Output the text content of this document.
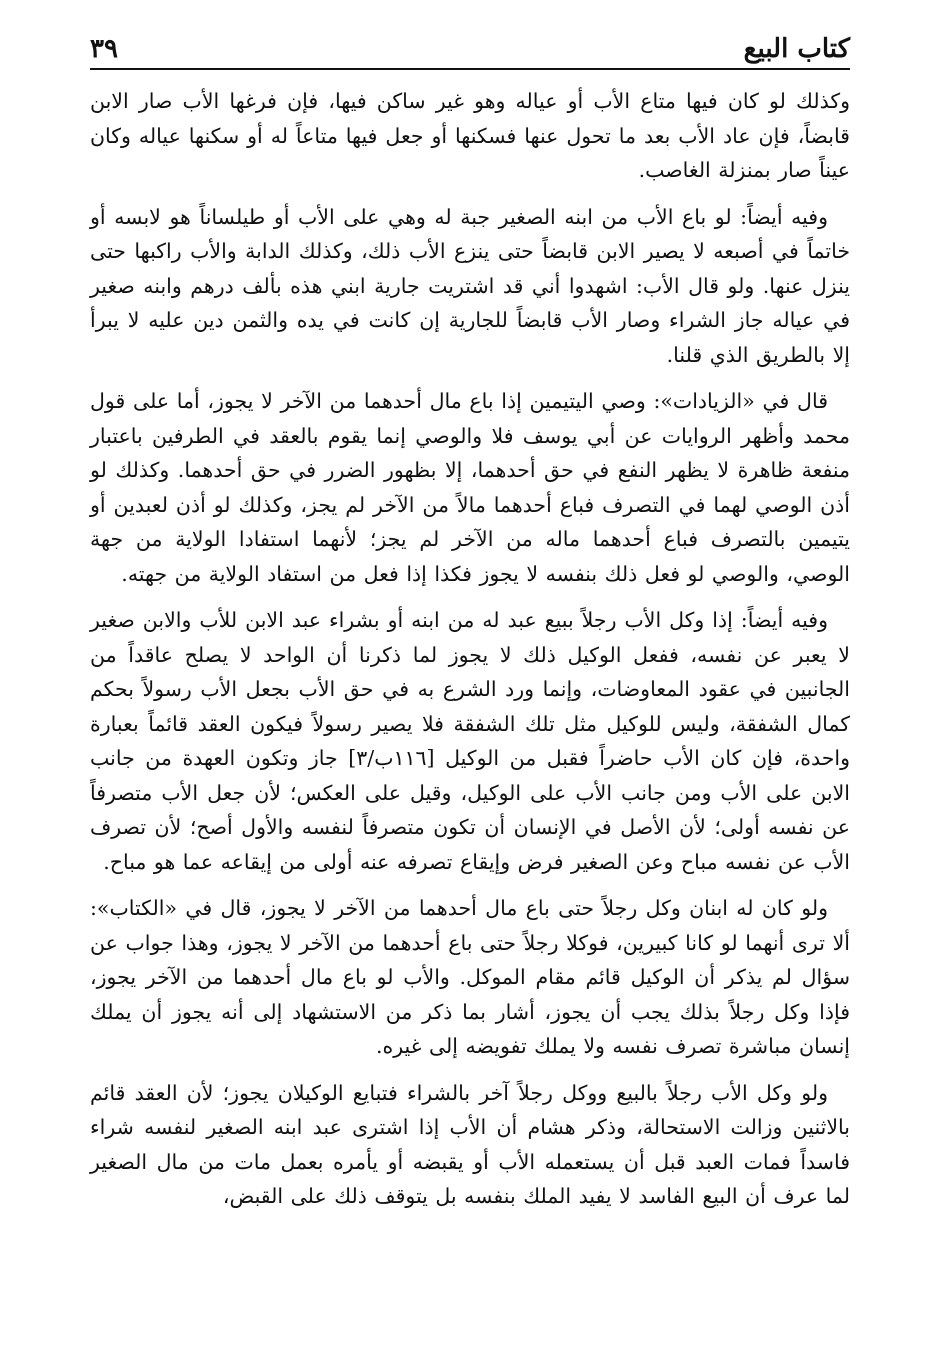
كتاب البيع
٣٩

وكذلك لو كان فيها متاع الأب أو عياله وهو غير ساكن فيها، فإن فرغها الأب صار الابن قابضاً، فإن عاد الأب بعد ما تحول عنها فسكنها أو جعل فيها متاعاً له أو سكنها عياله وكان عيناً صار بمنزلة الغاصب.

وفيه أيضاً: لو باع الأب من ابنه الصغير جبة له وهي على الأب أو طيلساناً هو لابسه أو خاتماً في أصبعه لا يصير الابن قابضاً حتى ينزع الأب ذلك، وكذلك الدابة والأب راكبها حتى ينزل عنها. ولو قال الأب: اشهدوا أني قد اشتريت جارية ابني هذه بألف درهم وابنه صغير في عياله جاز الشراء وصار الأب قابضاً للجارية إن كانت في يده والثمن دين عليه لا يبرأ إلا بالطريق الذي قلنا.

قال في «الزيادات»: وصي اليتيمين إذا باع مال أحدهما من الآخر لا يجوز، أما على قول محمد وأظهر الروايات عن أبي يوسف فلا والوصي إنما يقوم بالعقد في الطرفين باعتبار منفعة ظاهرة لا يظهر النفع في حق أحدهما، إلا بظهور الضرر في حق أحدهما. وكذلك لو أذن الوصي لهما في التصرف فباع أحدهما مالاً من الآخر لم يجز، وكذلك لو أذن لعبدين أو يتيمين بالتصرف فباع أحدهما ماله من الآخر لم يجز؛ لأنهما استفادا الولاية من جهة الوصي، والوصي لو فعل ذلك بنفسه لا يجوز فكذا إذا فعل من استفاد الولاية من جهته.

وفيه أيضاً: إذا وكل الأب رجلاً ببيع عبد له من ابنه أو بشراء عبد الابن للأب والابن صغير لا يعبر عن نفسه، ففعل الوكيل ذلك لا يجوز لما ذكرنا أن الواحد لا يصلح عاقداً من الجانبين في عقود المعاوضات، وإنما ورد الشرع به في حق الأب بجعل الأب رسولاً بحكم كمال الشفقة، وليس للوكيل مثل تلك الشفقة فلا يصير رسولاً فيكون العقد قائماً بعبارة واحدة، فإن كان الأب حاضراً فقبل من الوكيل [١١٦ب/٣] جاز وتكون العهدة من جانب الابن على الأب ومن جانب الأب على الوكيل، وقيل على العكس؛ لأن جعل الأب متصرفاً عن نفسه أولى؛ لأن الأصل في الإنسان أن تكون متصرفاً لنفسه والأول أصح؛ لأن تصرف الأب عن نفسه مباح وعن الصغير فرض وإيقاع تصرفه عنه أولى من إيقاعه عما هو مباح.

ولو كان له ابنان وكل رجلاً حتى باع مال أحدهما من الآخر لا يجوز، قال في «الكتاب»: ألا ترى أنهما لو كانا كبيرين، فوكلا رجلاً حتى باع أحدهما من الآخر لا يجوز، وهذا جواب عن سؤال لم يذكر أن الوكيل قائم مقام الموكل. والأب لو باع مال أحدهما من الآخر يجوز، فإذا وكل رجلاً بذلك يجب أن يجوز، أشار بما ذكر من الاستشهاد إلى أنه يجوز أن يملك إنسان مباشرة تصرف نفسه ولا يملك تفويضه إلى غيره.

ولو وكل الأب رجلاً بالبيع ووكل رجلاً آخر بالشراء فتبايع الوكيلان يجوز؛ لأن العقد قائم بالاثنين وزالت الاستحالة، وذكر هشام أن الأب إذا اشترى عبد ابنه الصغير لنفسه شراء فاسداً فمات العبد قبل أن يستعمله الأب أو يقبضه أو يأمره بعمل مات من مال الصغير لما عرف أن البيع الفاسد لا يفيد الملك بنفسه بل يتوقف ذلك على القبض،
